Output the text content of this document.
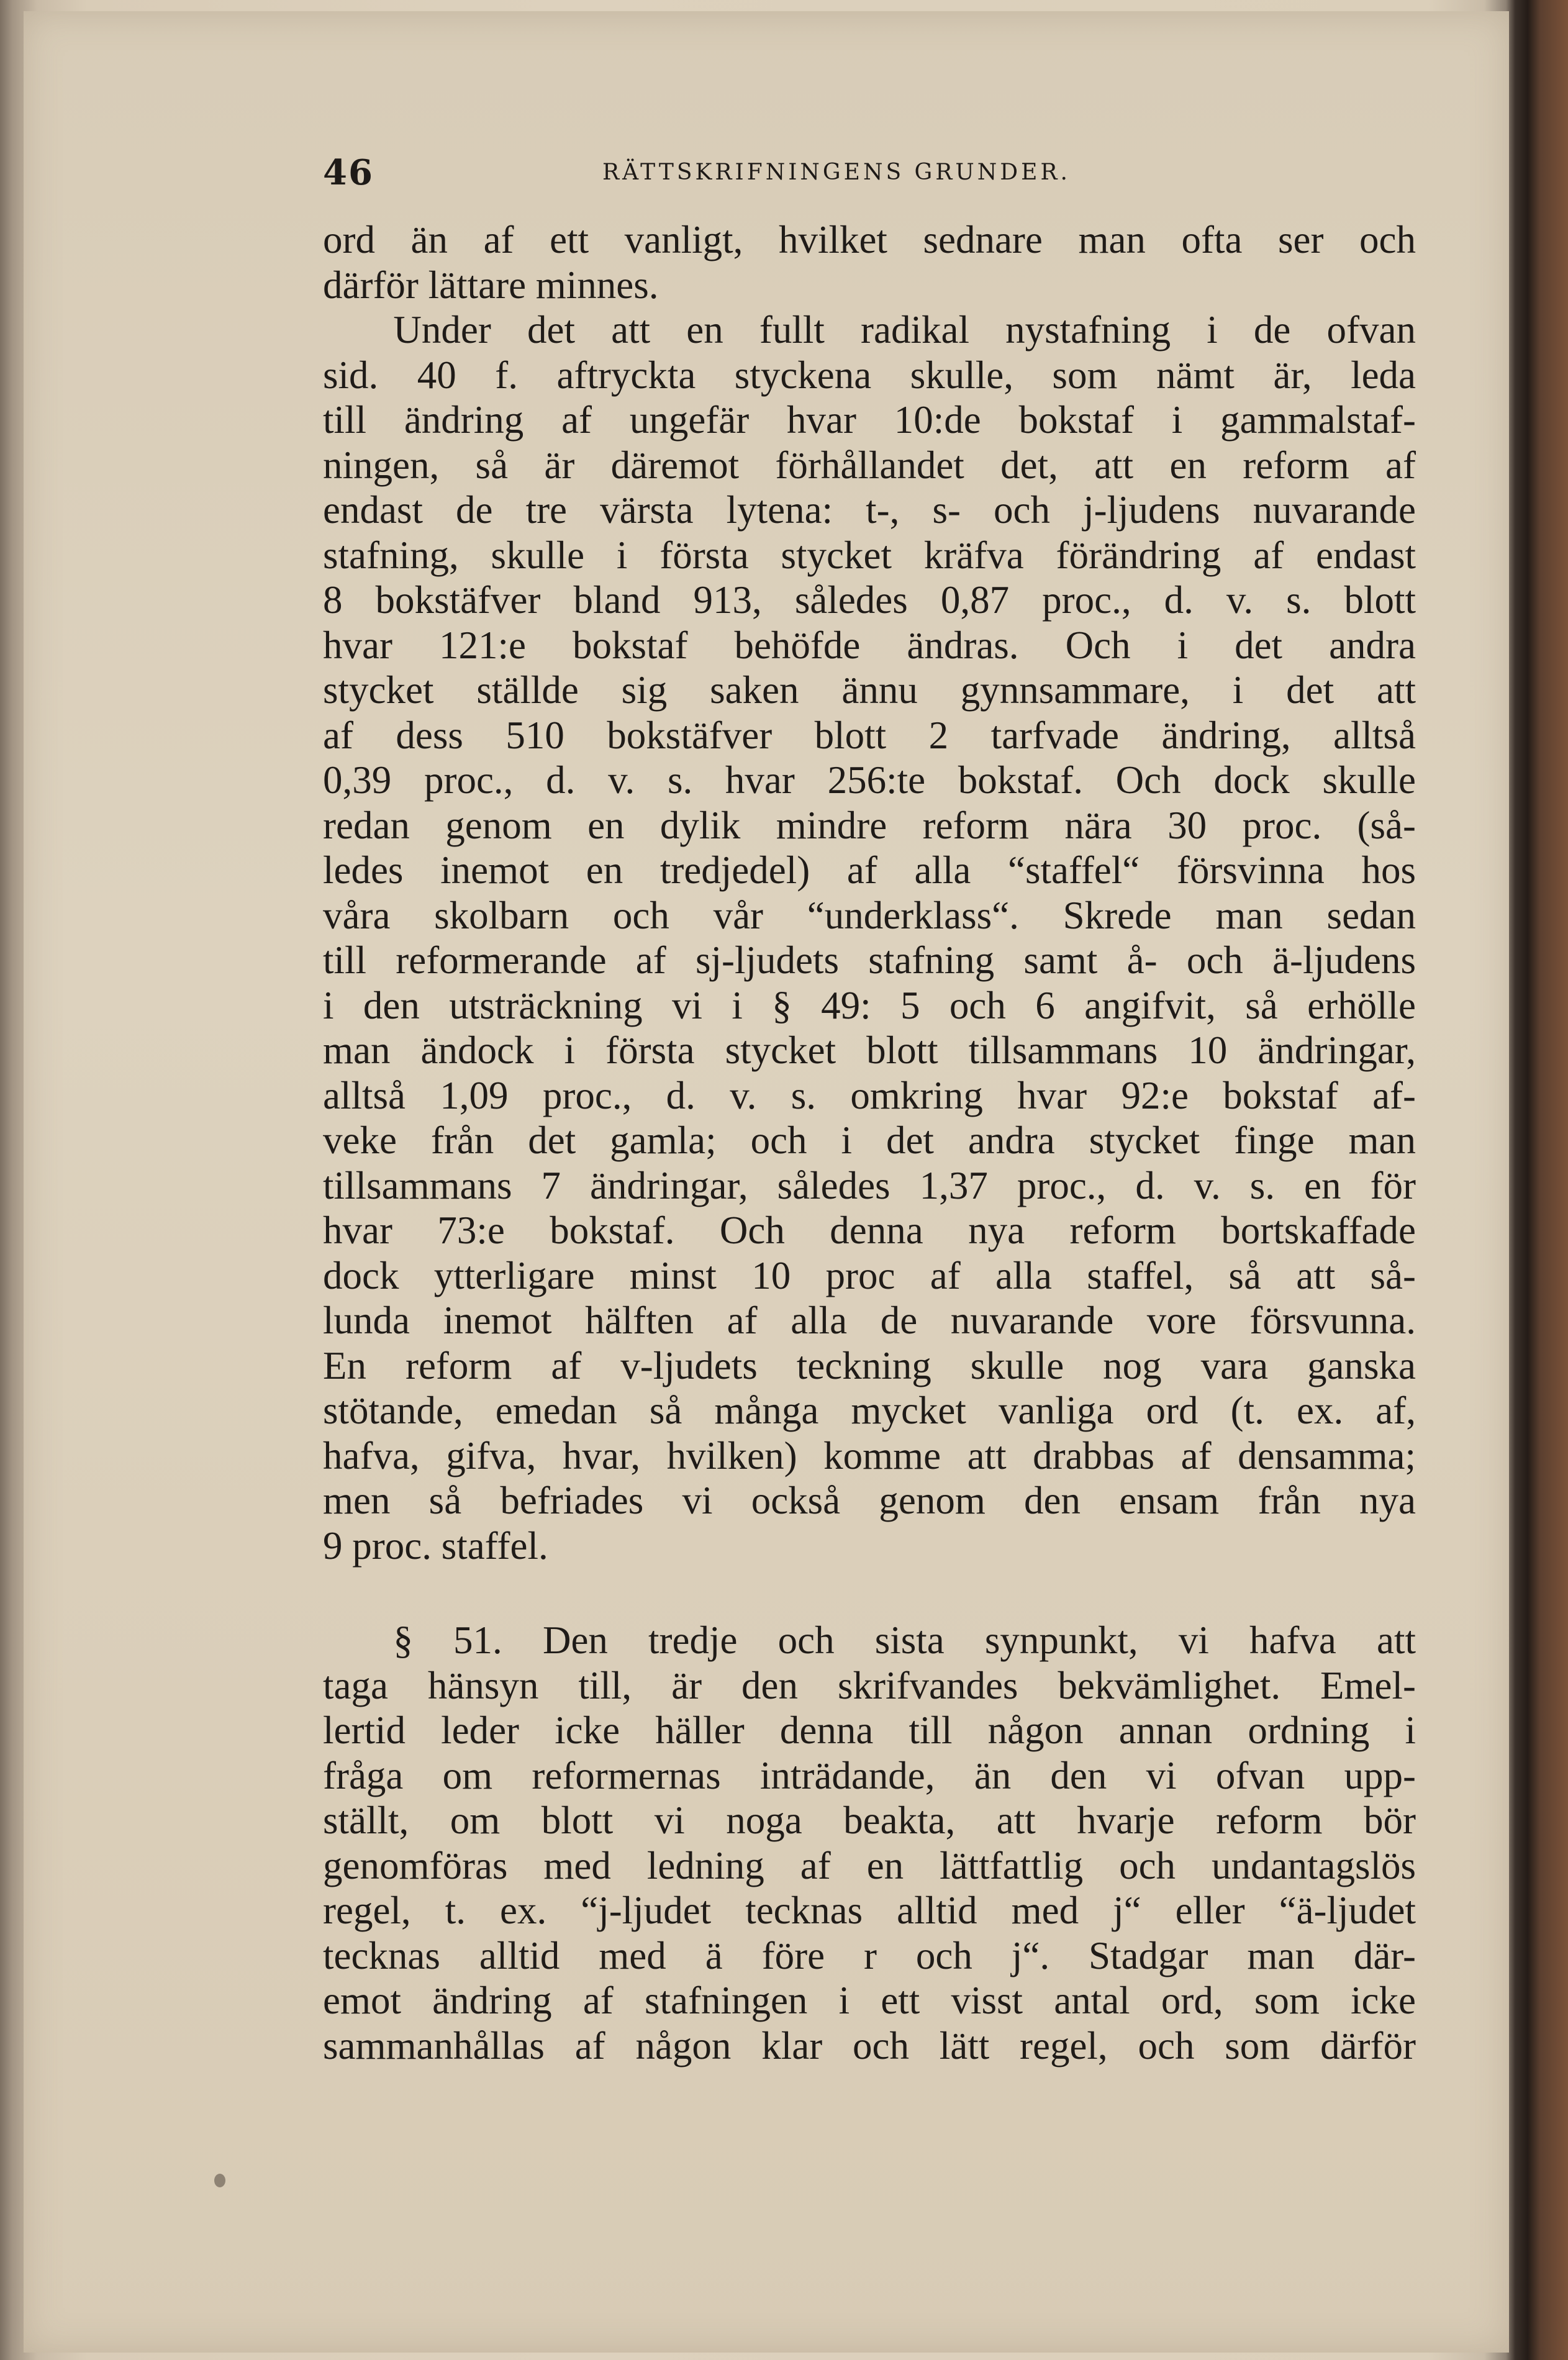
46	RÄTTSKRIFNINGENS GRUNDER.

ord än af ett vanligt, hvilket sednare man ofta ser och
därför lättare minnes.

Under det att en fullt radikal nystafning i de ofvan
sid. 40 f. aftryckta styckena skulle, som nämt är, leda
till ändring af ungefär hvar 10:de bokstaf i gammalstaf-
ningen, så är däremot förhållandet det, att en reform af
endast de tre värsta lytena: t-, s- och j-ljudens nuvarande
stafning, skulle i första stycket kräfva förändring af endast
8 bokstäfver bland 913, således 0,87 proc., d. v. s. blott
hvar 121:e bokstaf behöfde ändras. Och i det andra
stycket ställde sig saken ännu gynnsammare, i det att
af dess 510 bokstäfver blott 2 tarfvade ändring, alltså
0,39 proc., d. v. s. hvar 256:te bokstaf. Och dock skulle
redan genom en dylik mindre reform nära 30 proc. (så-
ledes inemot en tredjedel) af alla “staffel“ försvinna hos
våra skolbarn och vår “underklass“. Skrede man sedan
till reformerande af sj-ljudets stafning samt å- och ä-ljudens
i den utsträckning vi i § 49: 5 och 6 angifvit, så erhölle
man ändock i första stycket blott tillsammans 10 ändringar,
alltså 1,09 proc., d. v. s. omkring hvar 92:e bokstaf af-
veke från det gamla; och i det andra stycket finge man
tillsammans 7 ändringar, således 1,37 proc., d. v. s. en för
hvar 73:e bokstaf. Och denna nya reform bortskaffade
dock ytterligare minst 10 proc af alla staffel, så att så-
lunda inemot hälften af alla de nuvarande vore försvunna.
En reform af v-ljudets teckning skulle nog vara ganska
stötande, emedan så många mycket vanliga ord (t. ex. af,
hafva, gifva, hvar, hvilken) komme att drabbas af densamma;
men så befriades vi också genom den ensam från nya
9 proc. staffel.

§ 51. Den tredje och sista synpunkt, vi hafva att
taga hänsyn till, är den skrifvandes bekvämlighet. Emel-
lertid leder icke häller denna till någon annan ordning i
fråga om reformernas inträdande, än den vi ofvan upp-
ställt, om blott vi noga beakta, att hvarje reform bör
genomföras med ledning af en lättfattlig och undantagslös
regel, t. ex. “j-ljudet tecknas alltid med j“ eller “ä-ljudet
tecknas alltid med ä före r och j“. Stadgar man där-
emot ändring af stafningen i ett visst antal ord, som icke
sammanhållas af någon klar och lätt regel, och som därför
